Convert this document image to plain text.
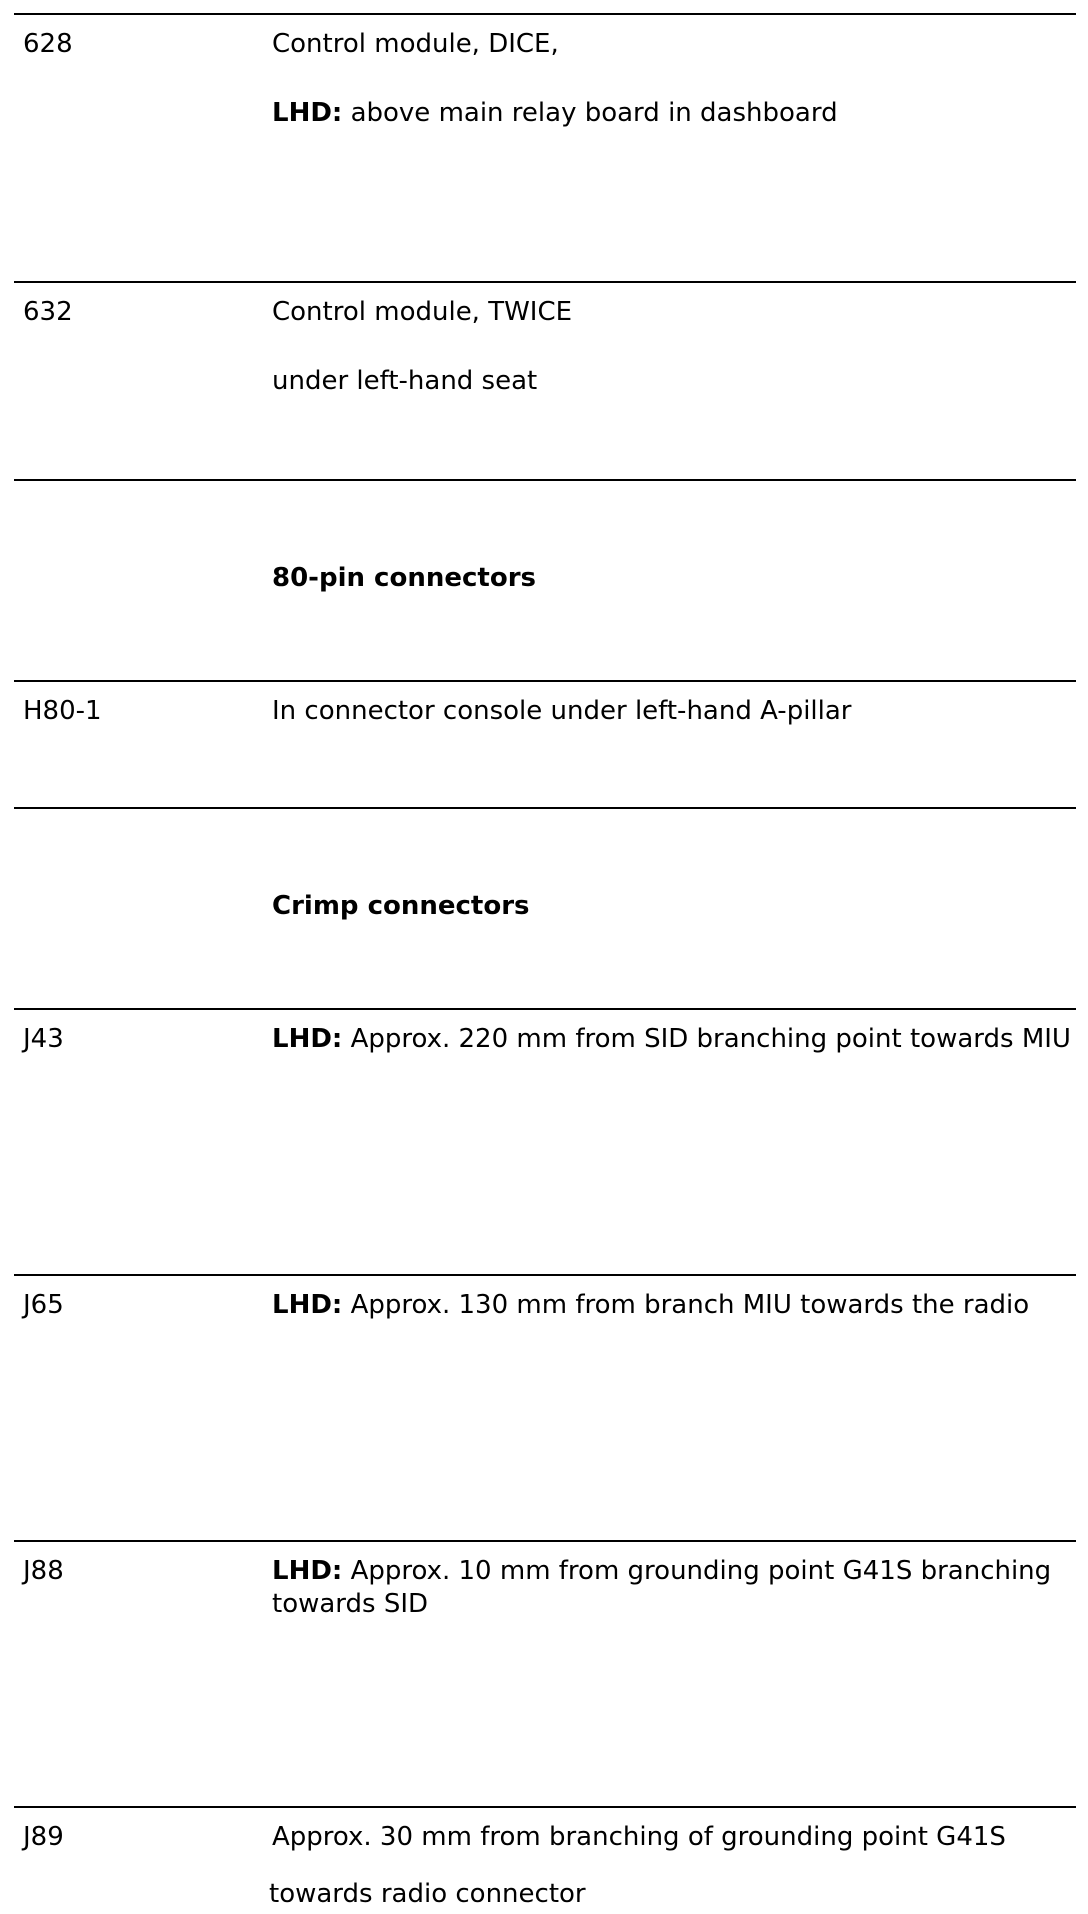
628	Control module, DICE,
LHD: above main relay board in dashboard
632	Control module, TWICE
under left-hand seat
80-pin connectors
H80-1	In connector console under left-hand A-pillar
Crimp connectors
J43	LHD: Approx. 220 mm from SID branching point towards MIU
J65	LHD: Approx. 130 mm from branch MIU towards the radio
J88	LHD: Approx. 10 mm from grounding point G41S branching towards SID
J89	Approx. 30 mm from branching of grounding point G41S
towards radio connector
